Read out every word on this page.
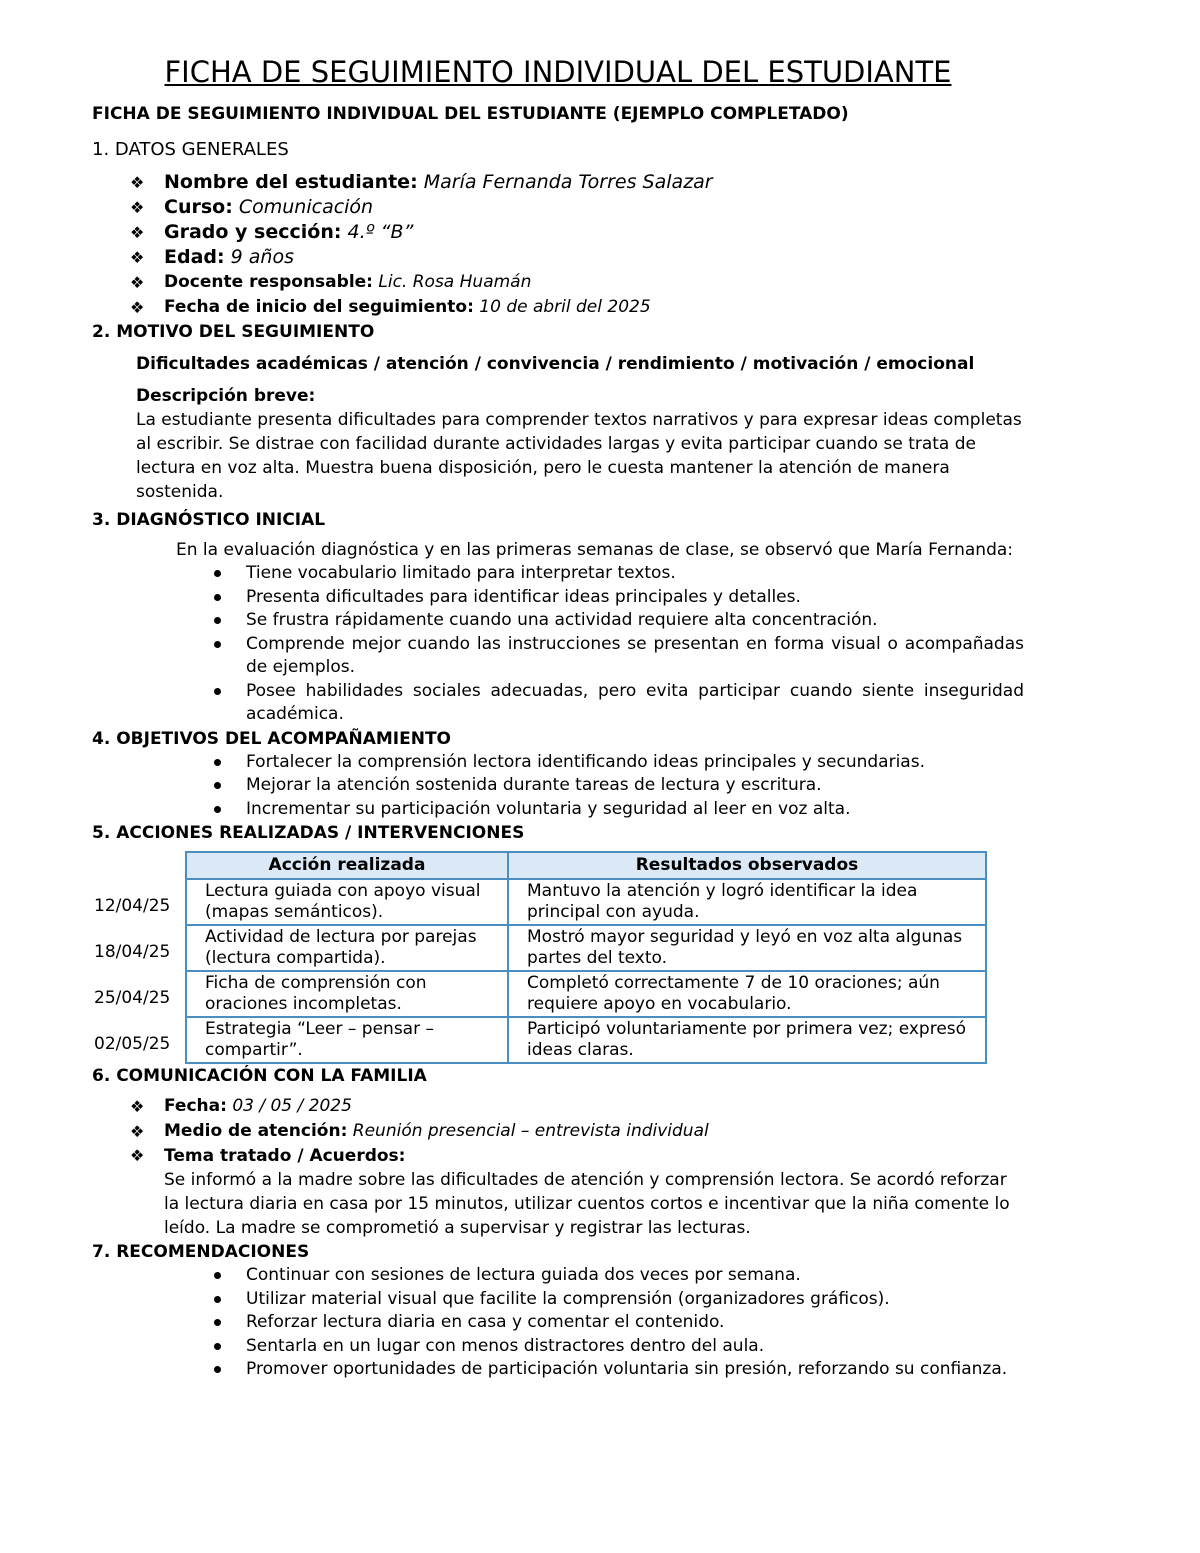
FICHA DE SEGUIMIENTO INDIVIDUAL DEL ESTUDIANTE
FICHA DE SEGUIMIENTO INDIVIDUAL DEL ESTUDIANTE (EJEMPLO COMPLETADO)
1. DATOS GENERALES
❖ Nombre del estudiante: María Fernanda Torres Salazar
❖ Curso: Comunicación
❖ Grado y sección: 4.º “B”
❖ Edad: 9 años
❖ Docente responsable: Lic. Rosa Huamán
❖ Fecha de inicio del seguimiento: 10 de abril del 2025
2. MOTIVO DEL SEGUIMIENTO
Dificultades académicas / atención / convivencia / rendimiento / motivación / emocional
Descripción breve:
La estudiante presenta dificultades para comprender textos narrativos y para expresar ideas completas al escribir. Se distrae con facilidad durante actividades largas y evita participar cuando se trata de lectura en voz alta. Muestra buena disposición, pero le cuesta mantener la atención de manera sostenida.
3. DIAGNÓSTICO INICIAL
En la evaluación diagnóstica y en las primeras semanas de clase, se observó que María Fernanda:
Tiene vocabulario limitado para interpretar textos.
Presenta dificultades para identificar ideas principales y detalles.
Se frustra rápidamente cuando una actividad requiere alta concentración.
Comprende mejor cuando las instrucciones se presentan en forma visual o acompañadas de ejemplos.
Posee habilidades sociales adecuadas, pero evita participar cuando siente inseguridad académica.
4. OBJETIVOS DEL ACOMPAÑAMIENTO
Fortalecer la comprensión lectora identificando ideas principales y secundarias.
Mejorar la atención sostenida durante tareas de lectura y escritura.
Incrementar su participación voluntaria y seguridad al leer en voz alta.
5. ACCIONES REALIZADAS / INTERVENCIONES
	Acción realizada	Resultados observados
12/04/25	Lectura guiada con apoyo visual (mapas semánticos).	Mantuvo la atención y logró identificar la idea principal con ayuda.
18/04/25	Actividad de lectura por parejas (lectura compartida).	Mostró mayor seguridad y leyó en voz alta algunas partes del texto.
25/04/25	Ficha de comprensión con oraciones incompletas.	Completó correctamente 7 de 10 oraciones; aún requiere apoyo en vocabulario.
02/05/25	Estrategia “Leer – pensar – compartir”.	Participó voluntariamente por primera vez; expresó ideas claras.
6. COMUNICACIÓN CON LA FAMILIA
❖ Fecha: 03 / 05 / 2025
❖ Medio de atención: Reunión presencial – entrevista individual
❖ Tema tratado / Acuerdos:
Se informó a la madre sobre las dificultades de atención y comprensión lectora. Se acordó reforzar la lectura diaria en casa por 15 minutos, utilizar cuentos cortos e incentivar que la niña comente lo leído. La madre se comprometió a supervisar y registrar las lecturas.
7. RECOMENDACIONES
Continuar con sesiones de lectura guiada dos veces por semana.
Utilizar material visual que facilite la comprensión (organizadores gráficos).
Reforzar lectura diaria en casa y comentar el contenido.
Sentarla en un lugar con menos distractores dentro del aula.
Promover oportunidades de participación voluntaria sin presión, reforzando su confianza.
